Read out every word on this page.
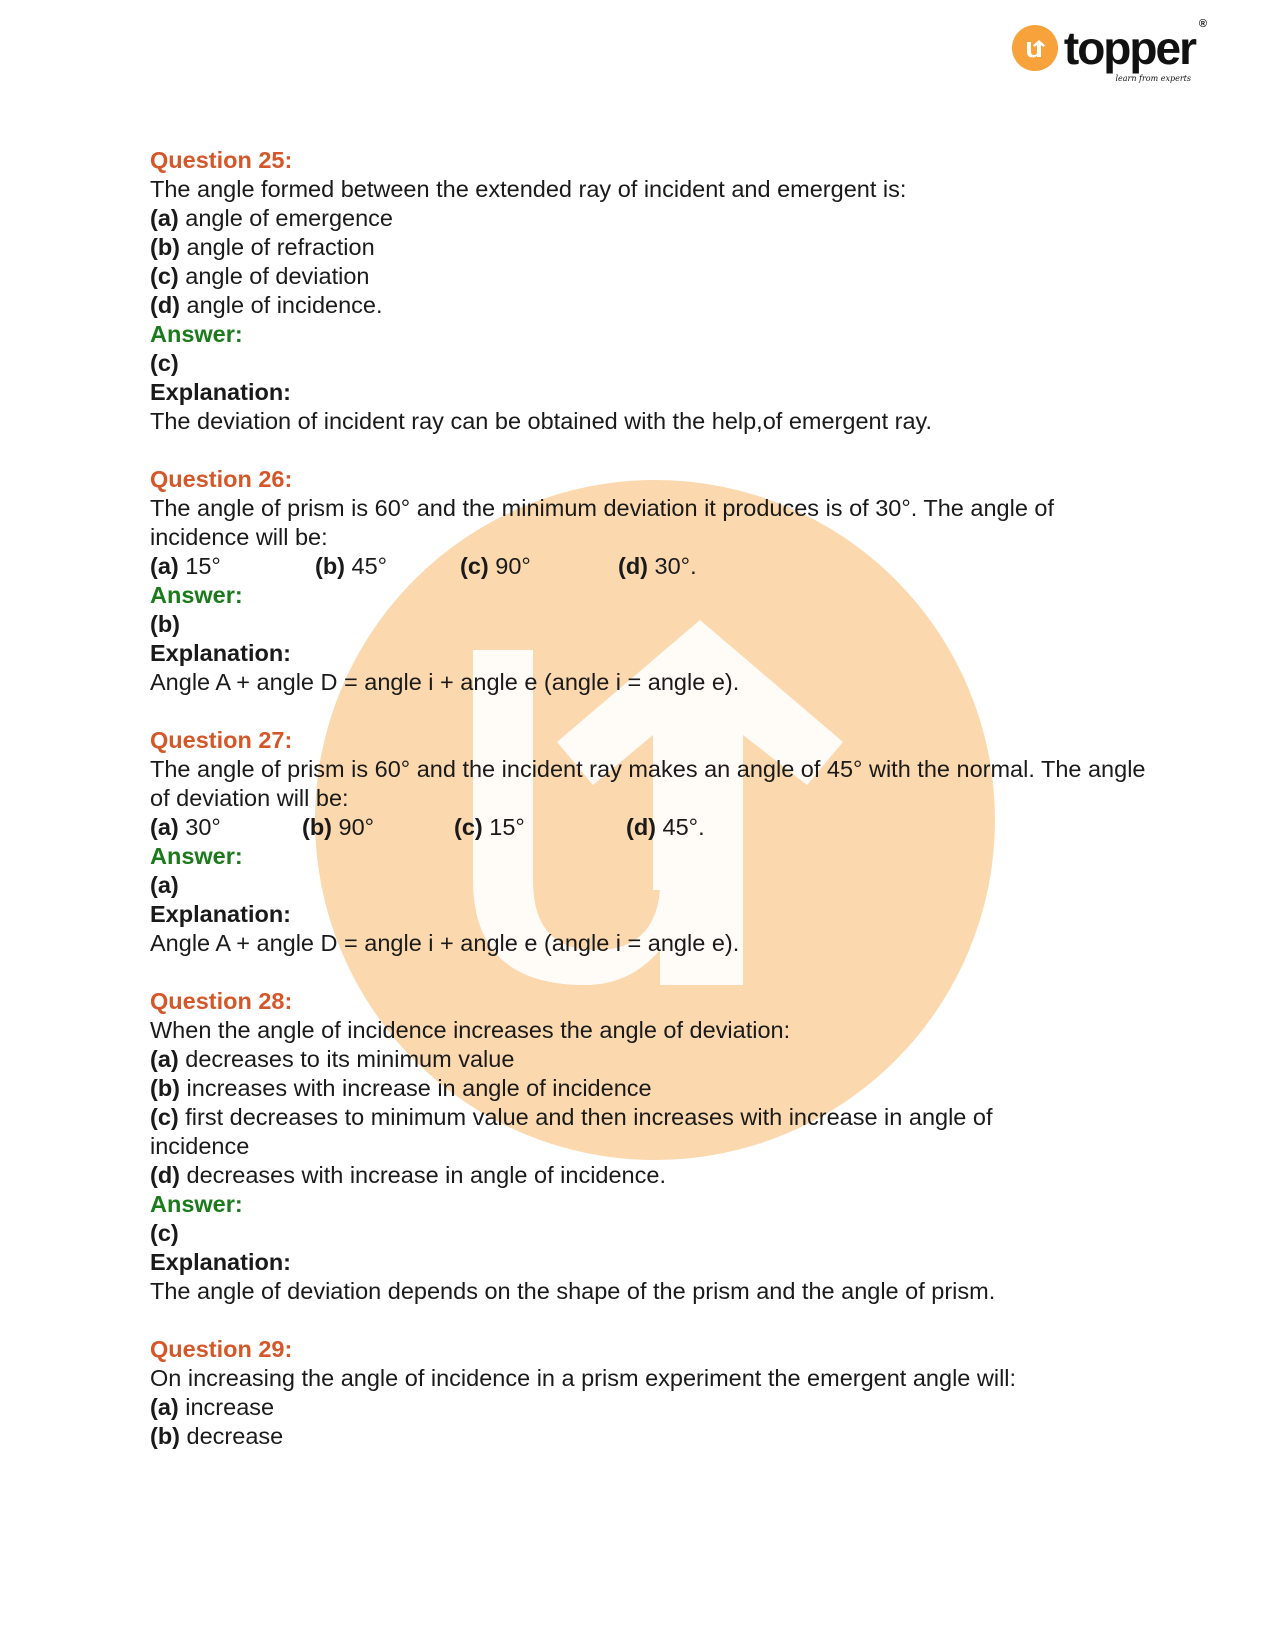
topper ®
learn from experts
Question 25:
The angle formed between the extended ray of incident and emergent is:
(a) angle of emergence
(b) angle of refraction
(c) angle of deviation
(d) angle of incidence.
Answer:
(c)
Explanation:
The deviation of incident ray can be obtained with the help,of emergent ray.
Question 26:
The angle of prism is 60° and the minimum deviation it produces is of 30°. The angle of incidence will be:
(a) 15°	(b) 45°	(c) 90°	(d) 30°.
Answer:
(b)
Explanation:
Angle A + angle D = angle i + angle e (angle i = angle e).
Question 27:
The angle of prism is 60° and the incident ray makes an angle of 45° with the normal. The angle of deviation will be:
(a) 30°	(b) 90°	(c) 15°	(d) 45°.
Answer:
(a)
Explanation:
Angle A + angle D = angle i + angle e (angle i = angle e).
Question 28:
When the angle of incidence increases the angle of deviation:
(a) decreases to its minimum value
(b) increases with increase in angle of incidence
(c) first decreases to minimum value and then increases with increase in angle of incidence
(d) decreases with increase in angle of incidence.
Answer:
(c)
Explanation:
The angle of deviation depends on the shape of the prism and the angle of prism.
Question 29:
On increasing the angle of incidence in a prism experiment the emergent angle will:
(a) increase
(b) decrease
